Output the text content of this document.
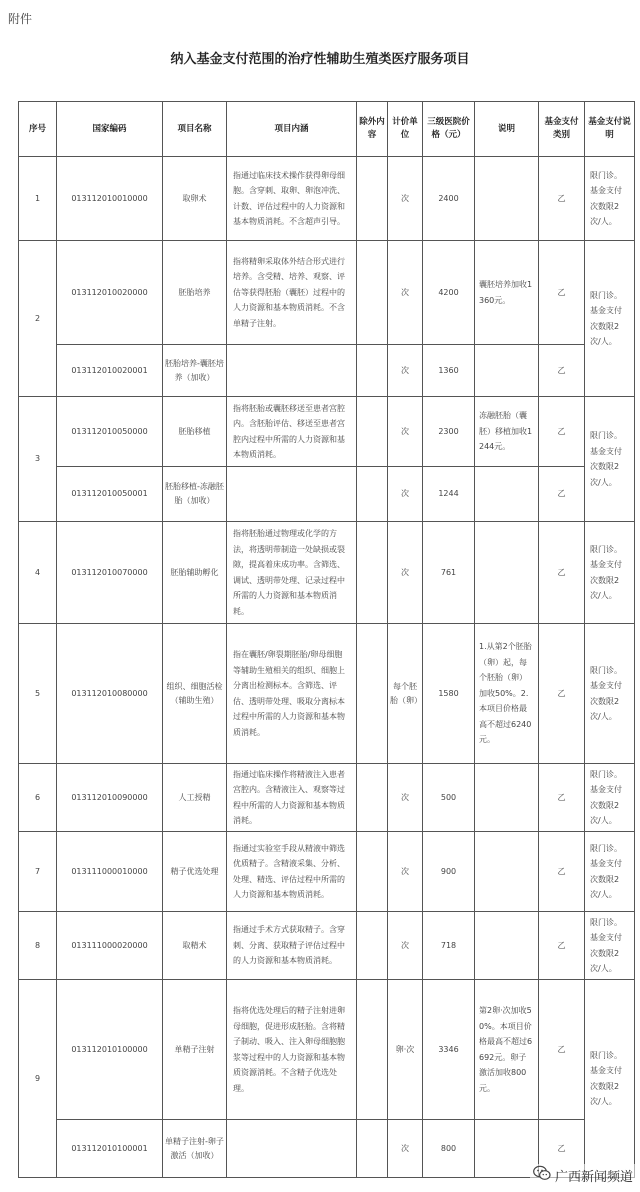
附件
纳入基金支付范围的治疗性辅助生殖类医疗服务项目
序号	国家编码	项目名称	项目内涵	除外内容	计价单位	三级医院价格（元）	说明	基金支付类别	基金支付说明
1	013112010010000	取卵术	指通过临床技术操作获得卵母细胞。含穿刺、取卵、卵泡冲洗、计数、评估过程中的人力资源和基本物质消耗。不含超声引导。		次	2400		乙	限门诊。基金支付次数限2次/人。
2	013112010020000	胚胎培养	指将精卵采取体外结合形式进行培养。含受精、培养、观察、评估等获得胚胎（囊胚）过程中的人力资源和基本物质消耗。不含单精子注射。		次	4200	囊胚培养加收1360元。	乙	限门诊。基金支付次数限2次/人。
	013112010020001	胚胎培养-囊胚培养（加收）			次	1360		乙	
3	013112010050000	胚胎移植	指将胚胎或囊胚移送至患者宫腔内。含胚胎评估、移送至患者宫腔内过程中所需的人力资源和基本物质消耗。		次	2300	冻融胚胎（囊胚）移植加收1244元。	乙	限门诊。基金支付次数限2次/人。
	013112010050001	胚胎移植-冻融胚胎（加收）			次	1244		乙	
4	013112010070000	胚胎辅助孵化	指将胚胎通过物理或化学的方法，将透明带制造一处缺损或裂隙，提高着床成功率。含筛选、调试、透明带处理、记录过程中所需的人力资源和基本物质消耗。		次	761		乙	限门诊。基金支付次数限2次/人。
5	013112010080000	组织、细胞活检（辅助生殖）	指在囊胚/卵裂期胚胎/卵母细胞等辅助生殖相关的组织、细胞上分离出检测标本。含筛选、评估、透明带处理、吸取分离标本过程中所需的人力资源和基本物质消耗。		每个胚胎（卵）	1580	1.从第2个胚胎（卵）起，每个胚胎（卵）加收50%。2.本项目价格最高不超过6240元。	乙	限门诊。基金支付次数限2次/人。
6	013112010090000	人工授精	指通过临床操作将精液注入患者宫腔内。含精液注入、观察等过程中所需的人力资源和基本物质消耗。		次	500		乙	限门诊。基金支付次数限2次/人。
7	013111000010000	精子优选处理	指通过实验室手段从精液中筛选优质精子。含精液采集、分析、处理、精选、评估过程中所需的人力资源和基本物质消耗。		次	900		乙	限门诊。基金支付次数限2次/人。
8	013111000020000	取精术	指通过手术方式获取精子。含穿刺、分离、获取精子评估过程中的人力资源和基本物质消耗。		次	718		乙	限门诊。基金支付次数限2次/人。
9	013112010100000	单精子注射	指将优选处理后的精子注射进卵母细胞，促进形成胚胎。含将精子制动、吸入、注入卵母细胞胞浆等过程中的人力资源和基本物质资源消耗。不含精子优选处理。		卵·次	3346	第2卵·次加收50%。本项目价格最高不超过6692元。卵子激活加收800元。	乙	限门诊。基金支付次数限2次/人。
	013112010100001	单精子注射-卵子激活（加收）			次	800		乙	
广西新闻频道
